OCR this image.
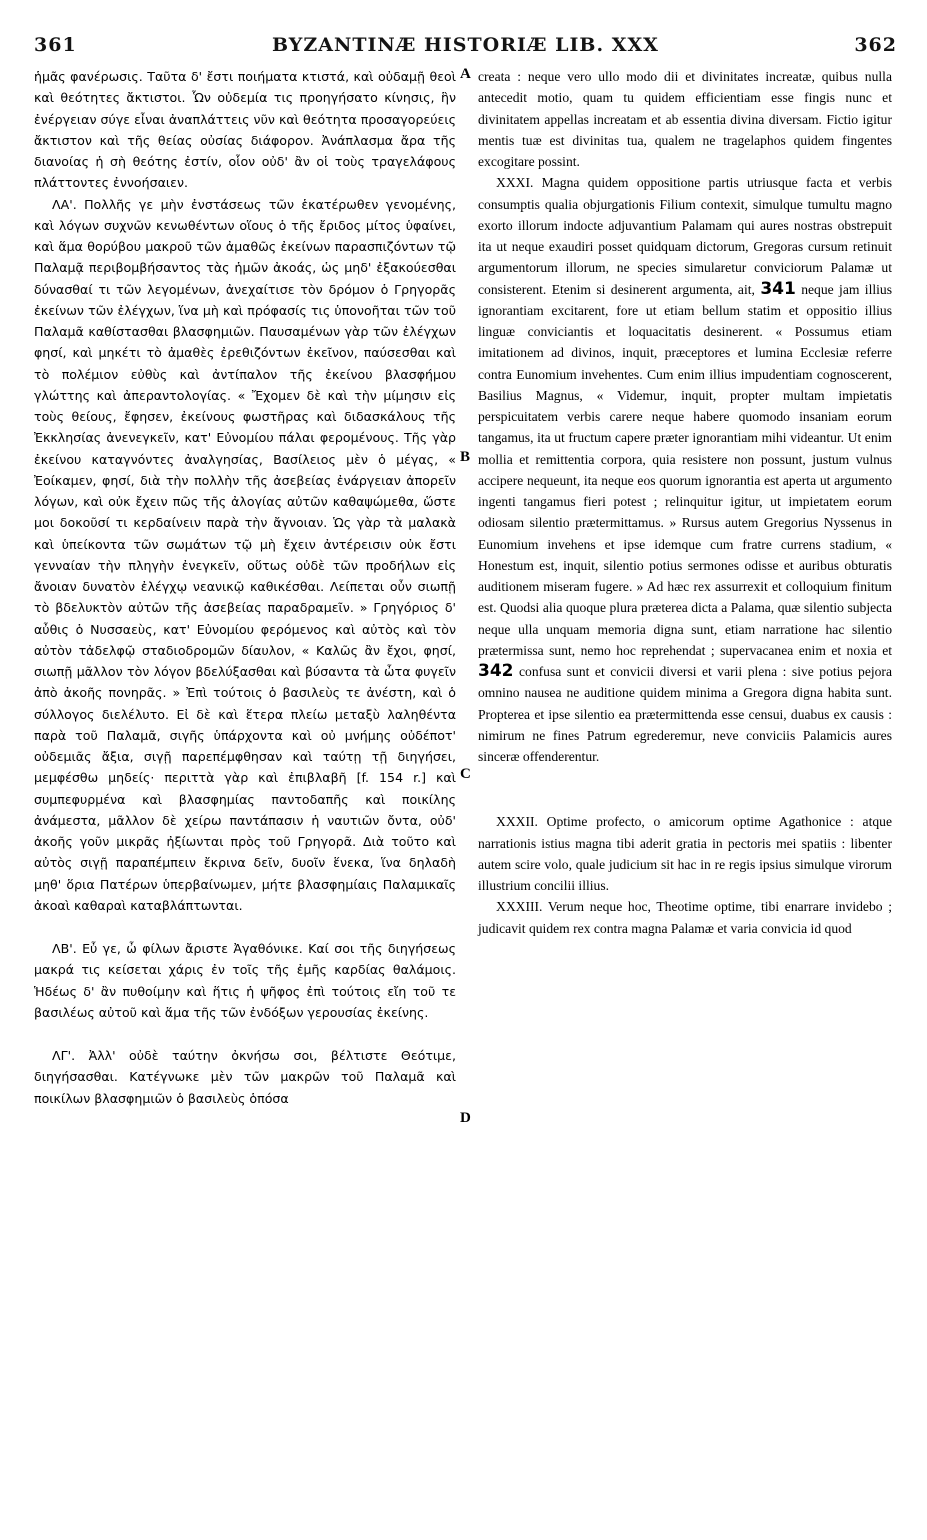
361	BYZANTINÆ HISTORIÆ LIB. XXX	362

ἡμᾶς φανέρωσις. Ταῦτα δ' ἔστι ποιήματα κτιστά, καὶ οὐδαμῇ θεοὶ καὶ θεότητες ἄκτιστοι. Ὧν οὐδεμία τις προηγήσατο κίνησις, ἣν ἐνέργειαν σύγε εἶναι ἀναπλάττεις νῦν καὶ θεότητα προσαγορεύεις ἄκτιστον καὶ τῆς θείας οὐσίας διάφορον. Ἀνάπλασμα ἄρα τῆς διανοίας ἡ σὴ θεότης ἐστίν, οἷον οὐδ' ἂν οἱ τοὺς τραγελάφους πλάττοντες ἐννοήσαιεν.

ΛΑ'. Πολλῆς γε μὴν ἐνστάσεως τῶν ἑκατέρωθεν γενομένης, καὶ λόγων συχνῶν κενωθέντων οἵους ὁ τῆς ἔριδος μίτος ὑφαίνει, καὶ ἅμα θορύβου μακροῦ τῶν ἀμαθῶς ἐκείνων παρασπιζόντων τῷ Παλαμᾷ περιβομβήσαντος τὰς ἡμῶν ἀκοάς, ὡς μηδ' ἐξακούεσθαι δύνασθαί τι τῶν λεγομένων, ἀνεχαίτισε τὸν δρόμον ὁ Γρηγορᾶς ἐκείνων τῶν ἐλέγχων, ἵνα μὴ καὶ πρόφασίς τις ὑπονοῆται τῶν τοῦ Παλαμᾶ καθίστασθαι βλασφημιῶν. Παυσαμένων γὰρ τῶν ἐλέγχων φησί, καὶ μηκέτι τὸ ἀμαθὲς ἐρεθιζόντων ἐκεῖνον, παύσεσθαι καὶ τὸ πολέμιον εὐθὺς καὶ ἀντίπαλον τῆς ἐκείνου βλασφήμου γλώττης καὶ ἀπεραντολογίας. « Ἔχομεν δὲ καὶ τὴν μίμησιν εἰς τοὺς θείους, ἔφησεν, ἐκείνους φωστῆρας καὶ διδασκάλους τῆς Ἐκκλησίας ἀνενεγκεῖν, κατ' Εὐνομίου πάλαι φερομένους. Τῆς γὰρ ἐκείνου καταγνόντες ἀναλγησίας, Βασίλειος μὲν ὁ μέγας, « Ἐοίκαμεν, φησί, διὰ τὴν πολλὴν τῆς ἀσεβείας ἐνάργειαν ἀπορεῖν λόγων, καὶ οὐκ ἔχειν πῶς τῆς ἀλογίας αὐτῶν καθαψώμεθα, ὥστε μοι δοκοῦσί τι κερδαίνειν παρὰ τὴν ἄγνοιαν. Ὡς γὰρ τὰ μαλακὰ καὶ ὑπείκοντα τῶν σωμάτων τῷ μὴ ἔχειν ἀντέρεισιν οὐκ ἔστι γενναίαν τὴν πληγὴν ἐνεγκεῖν, οὕτως οὐδὲ τῶν προδήλων εἰς ἄνοιαν δυνατὸν ἐλέγχῳ νεανικῷ καθικέσθαι. Λείπεται οὖν σιωπῇ τὸ βδελυκτὸν αὐτῶν τῆς ἀσεβείας παραδραμεῖν. » Γρηγόριος δ' αὖθις ὁ Νυσσαεὺς, κατ' Εὐνομίου φερόμενος καὶ αὐτὸς καὶ τὸν αὐτὸν τἀδελφῷ σταδιοδρομῶν δίαυλον, « Καλῶς ἂν ἔχοι, φησί, σιωπῇ μᾶλλον τὸν λόγον βδελύξασθαι καὶ βύσαντα τὰ ὦτα φυγεῖν ἀπὸ ἀκοῆς πονηρᾶς. » Ἐπὶ τούτοις ὁ βασιλεὺς τε ἀνέστη, καὶ ὁ σύλλογος διελέλυτο. Εἰ δὲ καὶ ἕτερα πλείω μεταξὺ λαληθέντα παρὰ τοῦ Παλαμᾶ, σιγῆς ὑπάρχοντα καὶ οὐ μνήμης οὐδέποτ' οὐδεμιᾶς ἄξια, σιγῇ παρεπέμφθησαν καὶ ταύτῃ τῇ διηγήσει, μεμφέσθω μηδείς· περιττὰ γὰρ καὶ ἐπιβλαβῆ [f. 154 r.] καὶ συμπεφυρμένα καὶ βλασφημίας παντοδαπῆς καὶ ποικίλης ἀνάμεστα, μᾶλλον δὲ χείρω παντάπασιν ἡ ναυτιῶν ὄντα, οὐδ' ἀκοῆς γοῦν μικρᾶς ἠξίωνται πρὸς τοῦ Γρηγορᾶ. Διὰ τοῦτο καὶ αὐτὸς σιγῇ παραπέμπειν ἔκρινα δεῖν, δυοῖν ἕνεκα, ἵνα δηλαδὴ μηθ' ὅρια Πατέρων ὑπερβαίνωμεν, μήτε βλασφημίαις Παλαμικαῖς ἀκοαὶ καθαραὶ καταβλάπτωνται.

ΛΒ'. Εὖ γε, ὦ φίλων ἄριστε Ἀγαθόνικε. Καί σοι τῆς διηγήσεως μακρά τις κείσεται χάρις ἐν τοῖς τῆς ἐμῆς καρδίας θαλάμοις. Ἡδέως δ' ἂν πυθοίμην καὶ ἥτις ἡ ψῆφος ἐπὶ τούτοις εἴη τοῦ τε βασιλέως αὐτοῦ καὶ ἅμα τῆς τῶν ἐνδόξων γερουσίας ἐκείνης.

ΛΓ'. Ἀλλ' οὐδὲ ταύτην ὀκνήσω σοι, βέλτιστε Θεότιμε, διηγήσασθαι. Κατέγνωκε μὲν τῶν μακρῶν τοῦ Παλαμᾶ καὶ ποικίλων βλασφημιῶν ὁ βασιλεὺς ὁπόσα

A
B
C
D

creata : neque vero ullo modo dii et divinitates increatæ, quibus nulla antecedit motio, quam tu quidem efficientiam esse fingis nunc et divinitatem appellas increatam et ab essentia divina diversam. Fictio igitur mentis tuæ est divinitas tua, qualem ne tragelaphos quidem fingentes excogitare possint.

XXXI. Magna quidem oppositione partis utriusque facta et verbis consumptis qualia objurgationis Filium contexit, simulque tumultu magno exorto illorum indocte adjuvantium Palamam qui aures nostras obstrepuit ita ut neque exaudiri posset quidquam dictorum, Gregoras cursum retinuit argumentorum illorum, ne species simularetur conviciorum Palamæ ut consisterent. Etenim si desinerent argumenta, ait, 341 neque jam illius ignorantiam excitarent, fore ut etiam bellum statim et oppositio illius linguæ conviciantis et loquacitatis desinerent. « Possumus etiam imitationem ad divinos, inquit, præceptores et lumina Ecclesiæ referre contra Eunomium invehentes. Cum enim illius impudentiam cognoscerent, Basilius Magnus, « Videmur, inquit, propter multam impietatis perspicuitatem verbis carere neque habere quomodo insaniam eorum tangamus, ita ut fructum capere præter ignorantiam mihi videantur. Ut enim mollia et remittentia corpora, quia resistere non possunt, justum vulnus accipere nequeunt, ita neque eos quorum ignorantia est aperta ut argumento ingenti tangamus fieri potest ; relinquitur igitur, ut impietatem eorum odiosam silentio prætermittamus. » Rursus autem Gregorius Nyssenus in Eunomium invehens et ipse idemque cum fratre currens stadium, « Honestum est, inquit, silentio potius sermones odisse et auribus obturatis auditionem miseram fugere. » Ad hæc rex assurrexit et colloquium finitum est. Quodsi alia quoque plura præterea dicta a Palama, quæ silentio subjecta neque ulla unquam memoria digna sunt, etiam narratione hac silentio prætermissa sunt, nemo hoc reprehendat ; supervacanea enim et noxia et 342 confusa sunt et convicii diversi et varii plena : sive potius pejora omnino nausea ne auditione quidem minima a Gregora digna habita sunt. Propterea et ipse silentio ea prætermittenda esse censui, duabus ex causis : nimirum ne fines Patrum egrederemur, neve conviciis Palamicis aures sinceræ offenderentur.

XXXII. Optime profecto, o amicorum optime Agathonice : atque narrationis istius magna tibi aderit gratia in pectoris mei spatiis : libenter autem scire volo, quale judicium sit hac in re regis ipsius simulque virorum illustrium concilii illius.

XXXIII. Verum neque hoc, Theotime optime, tibi enarrare invidebo ; judicavit quidem rex contra magna Palamæ et varia convicia id quod
